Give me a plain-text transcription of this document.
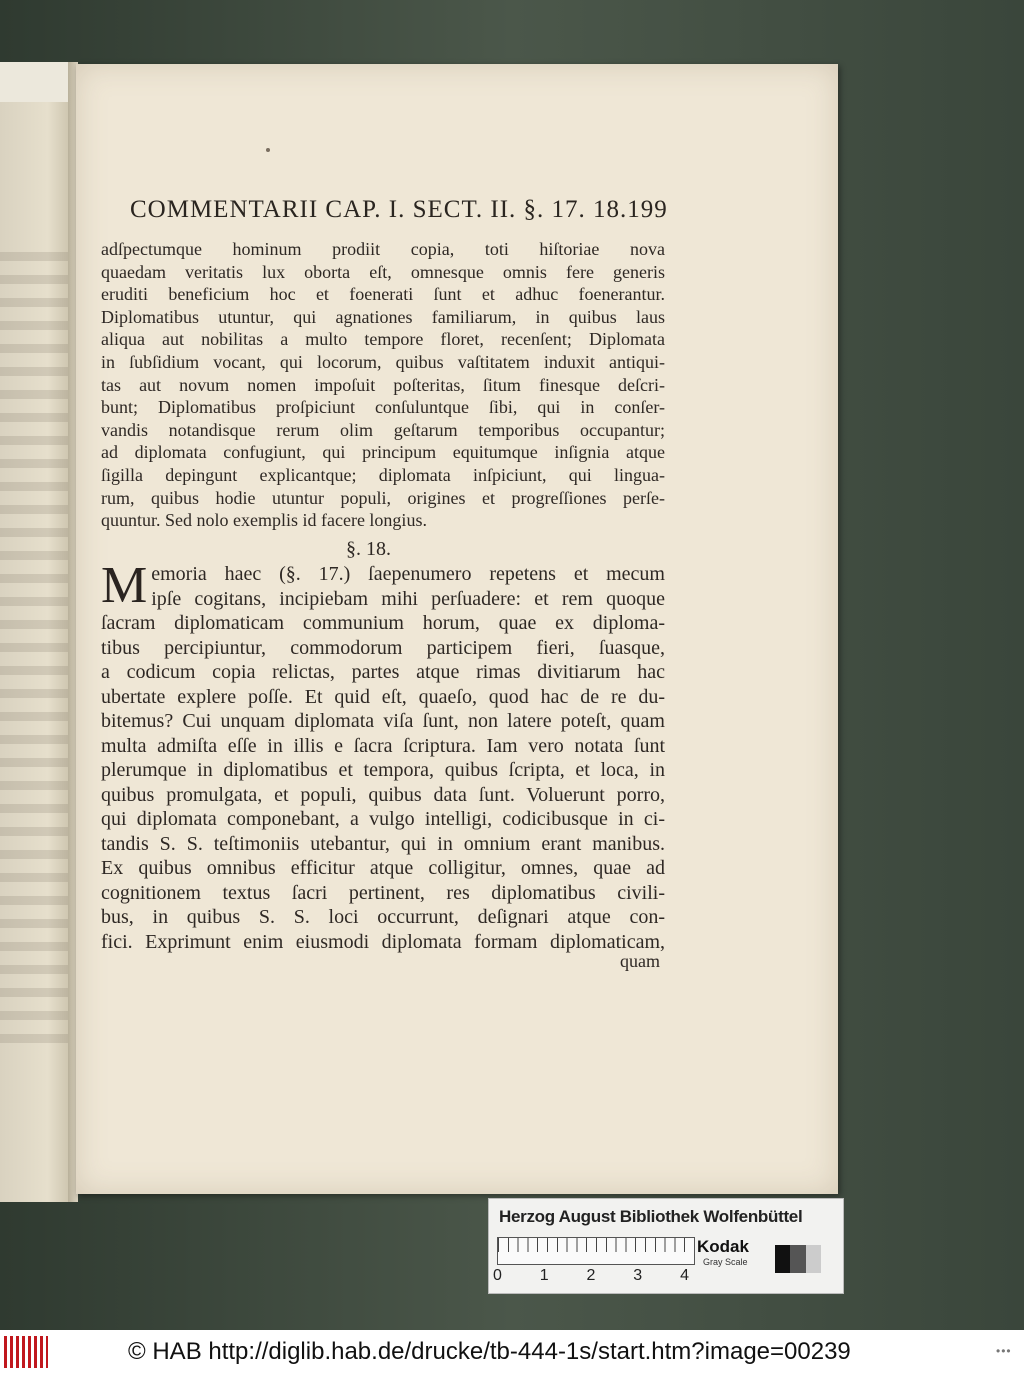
COMMENTARII CAP. I. SECT. II. §. 17. 18. 199
adſpectumque hominum prodiit copia, toti hiſtoriae nova
quaedam veritatis lux oborta eſt, omnesque omnis fere generis
eruditi beneficium hoc et foenerati ſunt et adhuc foenerantur.
Diplomatibus utuntur, qui agnationes familiarum, in quibus laus
aliqua aut nobilitas a multo tempore floret, recenſent; Diplomata
in ſubſidium vocant, qui locorum, quibus vaſtitatem induxit antiqui-
tas aut novum nomen impoſuit poſteritas, ſitum finesque deſcri-
bunt; Diplomatibus proſpiciunt conſuluntque ſibi, qui in conſer-
vandis notandisque rerum olim geſtarum temporibus occupantur;
ad diplomata confugiunt, qui principum equitumque inſignia atque
ſigilla depingunt explicantque; diplomata inſpiciunt, qui lingua-
rum, quibus hodie utuntur populi, origines et progreſſiones perſe-
quuntur. Sed nolo exemplis id facere longius.
§. 18.
M emoria haec (§. 17.) ſaepenumero repetens et mecum
ipſe cogitans, incipiebam mihi perſuadere: et rem quoque
ſacram diplomaticam communium horum, quae ex diploma-
tibus percipiuntur, commodorum participem fieri, ſuasque,
a codicum copia relictas, partes atque rimas divitiarum hac
ubertate explere poſſe. Et quid eſt, quaeſo, quod hac de re du-
bitemus? Cui unquam diplomata viſa ſunt, non latere poteſt, quam
multa admiſta eſſe in illis e ſacra ſcriptura. Iam vero notata ſunt
plerumque in diplomatibus et tempora, quibus ſcripta, et loca, in
quibus promulgata, et populi, quibus data ſunt. Voluerunt porro,
qui diplomata componebant, a vulgo intelligi, codicibusque in ci-
tandis S. S. teſtimoniis utebantur, qui in omnium erant manibus.
Ex quibus omnibus efficitur atque colligitur, omnes, quae ad
cognitionem textus ſacri pertinent, res diplomatibus civili-
bus, in quibus S. S. loci occurrunt, deſignari atque con-
fici. Exprimunt enim eiusmodi diplomata formam diplomaticam,
quam
Herzog August Bibliothek Wolfenbüttel
0 1 2 3 4
Kodak
Gray Scale
© HAB http://diglib.hab.de/drucke/tb-444-1s/start.htm?image=00239	•••
